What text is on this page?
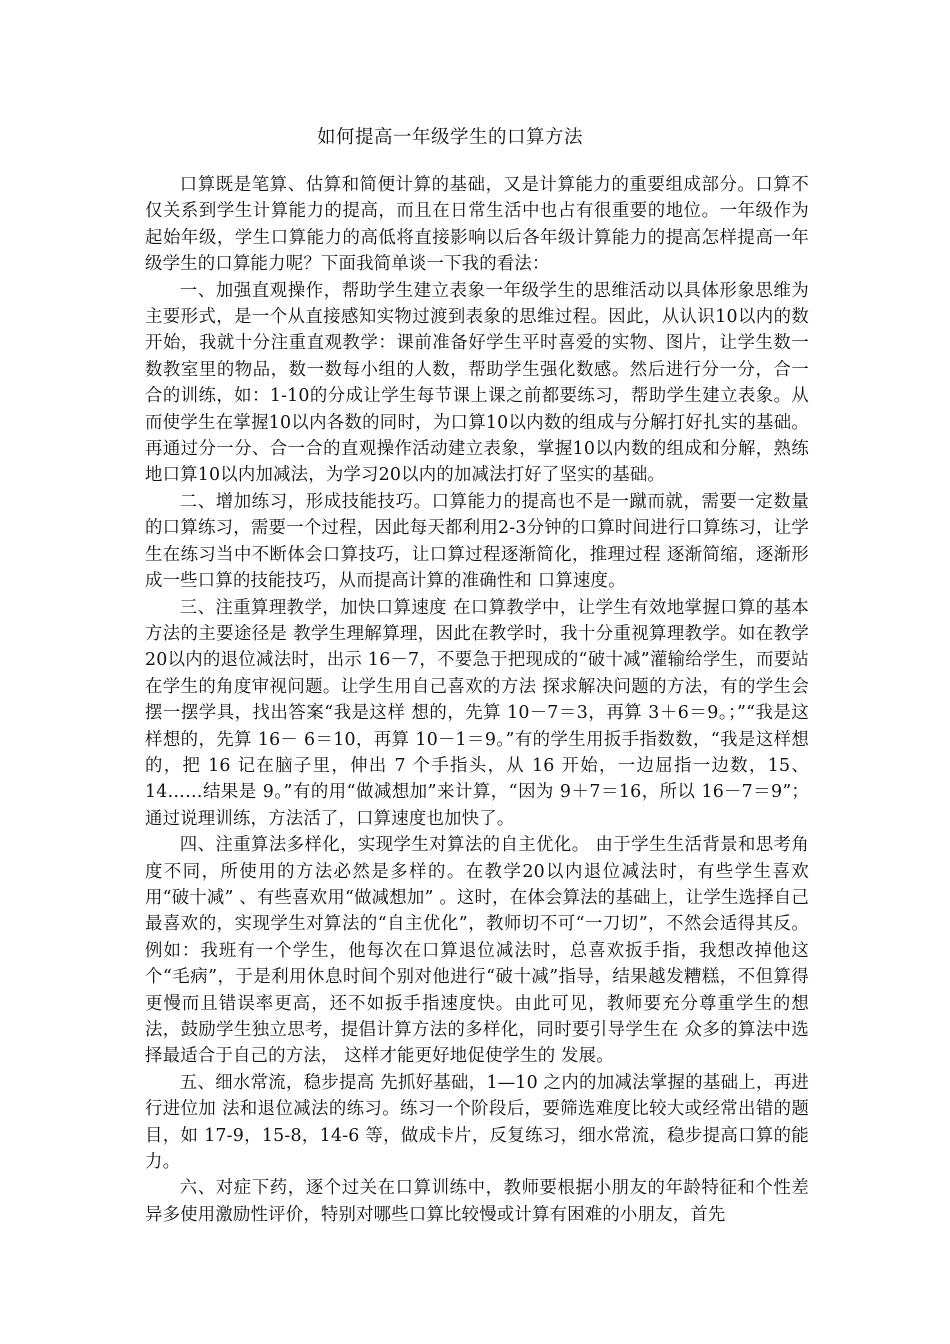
如何提高一年级学生的口算方法

口算既是笔算、估算和简便计算的基础，又是计算能力的重要组成部分。口算不仅关系到学生计算能力的提高，而且在日常生活中也占有很重要的地位。一年级作为起始年级，学生口算能力的高低将直接影响以后各年级计算能力的提高怎样提高一年级学生的口算能力呢？下面我简单谈一下我的看法：

一、加强直观操作，帮助学生建立表象一年级学生的思维活动以具体形象思维为主要形式，是一个从直接感知实物过渡到表象的思维过程。因此，从认识10以内的数开始，我就十分注重直观教学：课前准备好学生平时喜爱的实物、图片，让学生数一数教室里的物品，数一数每小组的人数，帮助学生强化数感。然后进行分一分，合一合的训练，如：1-10的分成让学生每节课上课之前都要练习，帮助学生建立表象。从而使学生在掌握10以内各数的同时，为口算10以内数的组成与分解打好扎实的基础。再通过分一分、合一合的直观操作活动建立表象，掌握10以内数的组成和分解，熟练地口算10以内加减法，为学习20以内的加减法打好了坚实的基础。

二、增加练习，形成技能技巧。口算能力的提高也不是一蹴而就，需要一定数量的口算练习，需要一个过程，因此每天都利用2-3分钟的口算时间进行口算练习，让学生在练习当中不断体会口算技巧，让口算过程逐渐简化，推理过程 逐渐简缩，逐渐形成一些口算的技能技巧，从而提高计算的准确性和 口算速度。

三、注重算理教学，加快口算速度 在口算教学中，让学生有效地掌握口算的基本方法的主要途径是 教学生理解算理，因此在教学时，我十分重视算理教学。如在教学20以内的退位减法时，出示 16－7，不要急于把现成的“破十减”灌输给学生，而要站在学生的角度审视问题。让学生用自己喜欢的方法 探求解决问题的方法，有的学生会摆一摆学具，找出答案“我是这样 想的，先算 10－7＝3，再算 3＋6＝9。；”“我是这样想的，先算 16－ 6＝10，再算 10－1＝9。”有的学生用扳手指数数，“我是这样想的，把 16 记在脑子里，伸出 7 个手指头，从 16 开始，一边屈指一边数，15、14……结果是 9。”有的用“做减想加”来计算，“因为 9＋7＝16，所以 16－7＝9”；通过说理训练，方法活了，口算速度也加快了。

四、注重算法多样化，实现学生对算法的自主优化。 由于学生生活背景和思考角度不同，所使用的方法必然是多样的。在教学20以内退位减法时，有些学生喜欢用“破十减” 、有些喜欢用“做减想加” 。这时，在体会算法的基础上，让学生选择自己最喜欢的，实现学生对算法的“自主优化”，教师切不可“一刀切”，不然会适得其反。例如：我班有一个学生，他每次在口算退位减法时，总喜欢扳手指，我想改掉他这个“毛病”，于是利用休息时间个别对他进行“破十减”指导，结果越发糟糕，不但算得更慢而且错误率更高，还不如扳手指速度快。由此可见，教师要充分尊重学生的想法，鼓励学生独立思考，提倡计算方法的多样化，同时要引导学生在 众多的算法中选择最适合于自己的方法， 这样才能更好地促使学生的 发展。

五、细水常流，稳步提高 先抓好基础，1—10 之内的加减法掌握的基础上，再进行进位加 法和退位减法的练习。练习一个阶段后，要筛选难度比较大或经常出错的题目，如 17-9，15-8，14-6 等，做成卡片，反复练习，细水常流，稳步提高口算的能力。

六、对症下药，逐个过关在口算训练中，教师要根据小朋友的年龄特征和个性差异多使用激励性评价，特别对哪些口算比较慢或计算有困难的小朋友，首先
